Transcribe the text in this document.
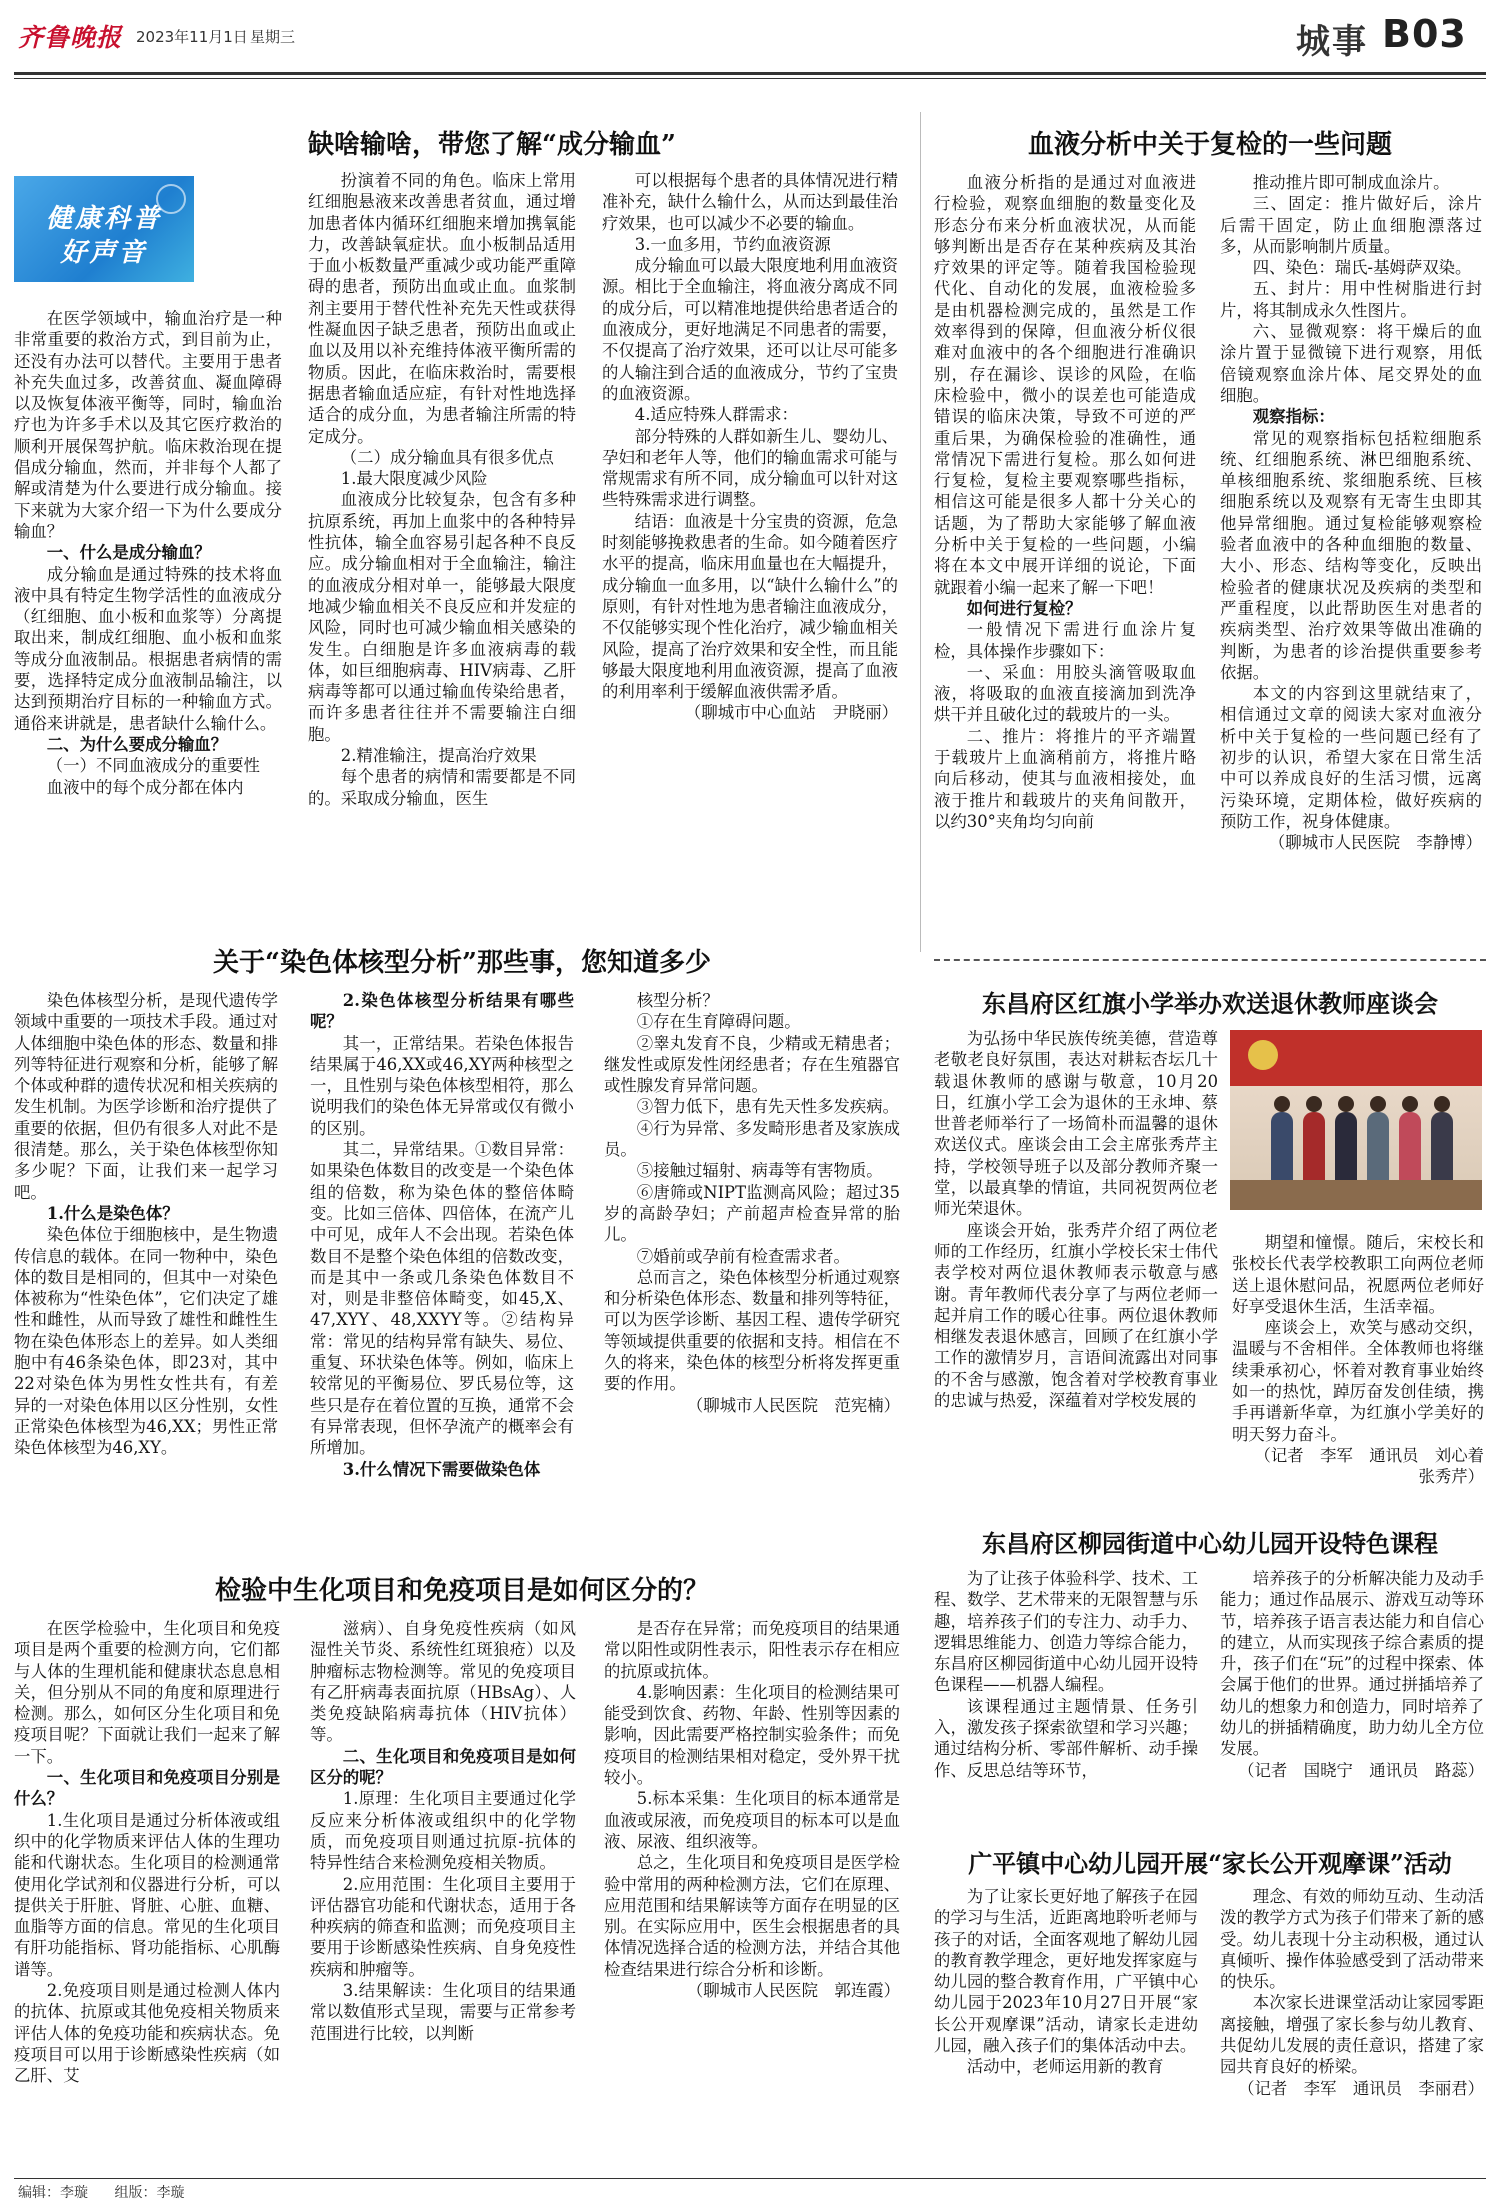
齐鲁晚报 2023年11月1日 星期三	城事 B03
缺啥输啥，带您了解“成分输血”
健康科普
好声音

在医学领域中，输血治疗是一种非常重要的救治方式，到目前为止，还没有办法可以替代。主要用于患者补充失血过多，改善贫血、凝血障碍以及恢复体液平衡等，同时，输血治疗也为许多手术以及其它医疗救治的顺利开展保驾护航。临床救治现在提倡成分输血，然而，并非每个人都了解或清楚为什么要进行成分输血。接下来就为大家介绍一下为什么要成分输血？

一、什么是成分输血？

成分输血是通过特殊的技术将血液中具有特定生物学活性的血液成分（红细胞、血小板和血浆等）分离提取出来，制成红细胞、血小板和血浆等成分血液制品。根据患者病情的需要，选择特定成分血液制品输注，以达到预期治疗目标的一种输血方式。通俗来讲就是，患者缺什么输什么。

二、为什么要成分输血？

（一）不同血液成分的重要性

血液中的每个成分都在体内

扮演着不同的角色。临床上常用红细胞悬液来改善患者贫血，通过增加患者体内循环红细胞来增加携氧能力，改善缺氧症状。血小板制品适用于血小板数量严重减少或功能严重障碍的患者，预防出血或止血。血浆制剂主要用于替代性补充先天性或获得性凝血因子缺乏患者，预防出血或止血以及用以补充维持体液平衡所需的物质。因此，在临床救治时，需要根据患者输血适应症，有针对性地选择适合的成分血，为患者输注所需的特定成分。

（二）成分输血具有很多优点

1.最大限度减少风险

血液成分比较复杂，包含有多种抗原系统，再加上血浆中的各种特异性抗体，输全血容易引起各种不良反应。成分输血相对于全血输注，输注的血液成分相对单一，能够最大限度地减少输血相关不良反应和并发症的风险，同时也可减少输血相关感染的发生。白细胞是许多血液病毒的载体，如巨细胞病毒、HIV病毒、乙肝病毒等都可以通过输血传染给患者，而许多患者往往并不需要输注白细胞。

2.精准输注，提高治疗效果

每个患者的病情和需要都是不同的。采取成分输血，医生

可以根据每个患者的具体情况进行精准补充，缺什么输什么，从而达到最佳治疗效果，也可以减少不必要的输血。

3.一血多用，节约血液资源

成分输血可以最大限度地利用血液资源。相比于全血输注，将血液分离成不同的成分后，可以精准地提供给患者适合的血液成分，更好地满足不同患者的需要，不仅提高了治疗效果，还可以让尽可能多的人输注到合适的血液成分，节约了宝贵的血液资源。

4.适应特殊人群需求：

部分特殊的人群如新生儿、婴幼儿、孕妇和老年人等，他们的输血需求可能与常规需求有所不同，成分输血可以针对这些特殊需求进行调整。

结语：血液是十分宝贵的资源，危急时刻能够挽救患者的生命。如今随着医疗水平的提高，临床用血量也在大幅提升，成分输血一血多用，以“缺什么输什么”的原则，有针对性地为患者输注血液成分，不仅能够实现个性化治疗，减少输血相关风险，提高了治疗效果和安全性，而且能够最大限度地利用血液资源，提高了血液的利用率利于缓解血液供需矛盾。

（聊城市中心血站　尹晓丽）

血液分析中关于复检的一些问题

血液分析指的是通过对血液进行检验，观察血细胞的数量变化及形态分布来分析血液状况，从而能够判断出是否存在某种疾病及其治疗效果的评定等。随着我国检验现代化、自动化的发展，血液检验多是由机器检测完成的，虽然是工作效率得到的保障，但血液分析仪很难对血液中的各个细胞进行准确识别，存在漏诊、误诊的风险，在临床检验中，微小的误差也可能造成错误的临床决策，导致不可逆的严重后果，为确保检验的准确性，通常情况下需进行复检。那么如何进行复检，复检主要观察哪些指标，相信这可能是很多人都十分关心的话题，为了帮助大家能够了解血液分析中关于复检的一些问题，小编将在本文中展开详细的说论，下面就跟着小编一起来了解一下吧！

如何进行复检？

一般情况下需进行血涂片复检，具体操作步骤如下：

一、采血：用胶头滴管吸取血液，将吸取的血液直接滴加到洗净烘干并且破化过的载玻片的一头。

二、推片：将推片的平齐端置于载玻片上血滴稍前方，将推片略向后移动，使其与血液相接处，血液于推片和载玻片的夹角间散开，以约30°夹角均匀向前

推动推片即可制成血涂片。

三、固定：推片做好后，涂片后需干固定，防止血细胞漂落过多，从而影响制片质量。

四、染色：瑞氏-基姆萨双染。

五、封片：用中性树脂进行封片，将其制成永久性图片。

六、显微观察：将干燥后的血涂片置于显微镜下进行观察，用低倍镜观察血涂片体、尾交界处的血细胞。

观察指标：

常见的观察指标包括粒细胞系统、红细胞系统、淋巴细胞系统、单核细胞系统、浆细胞系统、巨核细胞系统以及观察有无寄生虫即其他异常细胞。通过复检能够观察检验者血液中的各种血细胞的数量、大小、形态、结构等变化，反映出检验者的健康状况及疾病的类型和严重程度，以此帮助医生对患者的疾病类型、治疗效果等做出准确的判断，为患者的诊治提供重要参考依据。

本文的内容到这里就结束了，相信通过文章的阅读大家对血液分析中关于复检的一些问题已经有了初步的认识，希望大家在日常生活中可以养成良好的生活习惯，远离污染环境，定期体检，做好疾病的预防工作，祝身体健康。

（聊城市人民医院　李静博）

关于“染色体核型分析”那些事，您知道多少

染色体核型分析，是现代遗传学领域中重要的一项技术手段。通过对人体细胞中染色体的形态、数量和排列等特征进行观察和分析，能够了解个体或种群的遗传状况和相关疾病的发生机制。为医学诊断和治疗提供了重要的依据，但仍有很多人对此不是很清楚。那么，关于染色体核型你知多少呢？下面，让我们来一起学习吧。

1.什么是染色体？

染色体位于细胞核中，是生物遗传信息的载体。在同一物种中，染色体的数目是相同的，但其中一对染色体被称为“性染色体”，它们决定了雄性和雌性，从而导致了雄性和雌性生物在染色体形态上的差异。如人类细胞中有46条染色体，即23对，其中22对染色体为男性女性共有，有差异的一对染色体用以区分性别，女性正常染色体核型为46,XX；男性正常染色体核型为46,XY。

2.染色体核型分析结果有哪些呢？

其一，正常结果。若染色体报告结果属于46,XX或46,XY两种核型之一，且性别与染色体核型相符，那么说明我们的染色体无异常或仅有微小的区别。

其二，异常结果。①数目异常：如果染色体数目的改变是一个染色体组的倍数，称为染色体的整倍体畸变。比如三倍体、四倍体，在流产儿中可见，成年人不会出现。若染色体数目不是整个染色体组的倍数改变，而是其中一条或几条染色体数目不对，则是非整倍体畸变，如45,X、47,XYY、48,XXYY等。②结构异常：常见的结构异常有缺失、易位、重复、环状染色体等。例如，临床上较常见的平衡易位、罗氏易位等，这些只是存在着位置的互换，通常不会有异常表现，但怀孕流产的概率会有所增加。

3.什么情况下需要做染色体

核型分析？

①存在生育障碍问题。

②睾丸发育不良，少精或无精患者；继发性或原发性闭经患者；存在生殖器官或性腺发育异常问题。

③智力低下，患有先天性多发疾病。

④行为异常、多发畸形患者及家族成员。

⑤接触过辐射、病毒等有害物质。

⑥唐筛或NIPT监测高风险；超过35岁的高龄孕妇；产前超声检查异常的胎儿。

⑦婚前或孕前有检查需求者。

总而言之，染色体核型分析通过观察和分析染色体形态、数量和排列等特征，可以为医学诊断、基因工程、遗传学研究等领域提供重要的依据和支持。相信在不久的将来，染色体的核型分析将发挥更重要的作用。

（聊城市人民医院　范宪楠）

东昌府区红旗小学举办欢送退休教师座谈会

为弘扬中华民族传统美德，营造尊老敬老良好氛围，表达对耕耘杏坛几十载退休教师的感谢与敬意，10月20日，红旗小学工会为退休的王永坤、蔡世普老师举行了一场简朴而温馨的退休欢送仪式。座谈会由工会主席张秀芹主持，学校领导班子以及部分教师齐聚一堂，以最真挚的情谊，共同祝贺两位老师光荣退休。

座谈会开始，张秀芹介绍了两位老师的工作经历，红旗小学校长宋士伟代表学校对两位退休教师表示敬意与感谢。青年教师代表分享了与两位老师一起并肩工作的暖心往事。两位退休教师相继发表退休感言，回顾了在红旗小学工作的激情岁月，言语间流露出对同事的不舍与感激，饱含着对学校教育事业的忠诚与热爱，深蕴着对学校发展的

期望和憧憬。随后，宋校长和张校长代表学校教职工向两位老师送上退休慰问品，祝愿两位老师好好享受退休生活，生活幸福。

座谈会上，欢笑与感动交织，温暖与不舍相伴。全体教师也将继续秉承初心，怀着对教育事业始终如一的热忱，踔厉奋发创佳绩，携手再谱新华章，为红旗小学美好的明天努力奋斗。

（记者　李军　通讯员　刘心着　张秀芹）

检验中生化项目和免疫项目是如何区分的？

在医学检验中，生化项目和免疫项目是两个重要的检测方向，它们都与人体的生理机能和健康状态息息相关，但分别从不同的角度和原理进行检测。那么，如何区分生化项目和免疫项目呢？下面就让我们一起来了解一下。

一、生化项目和免疫项目分别是什么？

1.生化项目是通过分析体液或组织中的化学物质来评估人体的生理功能和代谢状态。生化项目的检测通常使用化学试剂和仪器进行分析，可以提供关于肝脏、肾脏、心脏、血糖、血脂等方面的信息。常见的生化项目有肝功能指标、肾功能指标、心肌酶谱等。

2.免疫项目则是通过检测人体内的抗体、抗原或其他免疫相关物质来评估人体的免疫功能和疾病状态。免疫项目可以用于诊断感染性疾病（如乙肝、艾

滋病）、自身免疫性疾病（如风湿性关节炎、系统性红斑狼疮）以及肿瘤标志物检测等。常见的免疫项目有乙肝病毒表面抗原（HBsAg）、人类免疫缺陷病毒抗体（HIV抗体）等。

二、生化项目和免疫项目是如何区分的呢？

1.原理：生化项目主要通过化学反应来分析体液或组织中的化学物质，而免疫项目则通过抗原-抗体的特异性结合来检测免疫相关物质。

2.应用范围：生化项目主要用于评估器官功能和代谢状态，适用于各种疾病的筛查和监测；而免疫项目主要用于诊断感染性疾病、自身免疫性疾病和肿瘤等。

3.结果解读：生化项目的结果通常以数值形式呈现，需要与正常参考范围进行比较，以判断

是否存在异常；而免疫项目的结果通常以阳性或阴性表示，阳性表示存在相应的抗原或抗体。

4.影响因素：生化项目的检测结果可能受到饮食、药物、年龄、性别等因素的影响，因此需要严格控制实验条件；而免疫项目的检测结果相对稳定，受外界干扰较小。

5.标本采集：生化项目的标本通常是血液或尿液，而免疫项目的标本可以是血液、尿液、组织液等。

总之，生化项目和免疫项目是医学检验中常用的两种检测方法，它们在原理、应用范围和结果解读等方面存在明显的区别。在实际应用中，医生会根据患者的具体情况选择合适的检测方法，并结合其他检查结果进行综合分析和诊断。

（聊城市人民医院　郭连霞）

东昌府区柳园街道中心幼儿园开设特色课程

为了让孩子体验科学、技术、工程、数学、艺术带来的无限智慧与乐趣，培养孩子们的专注力、动手力、逻辑思维能力、创造力等综合能力，东昌府区柳园街道中心幼儿园开设特色课程——机器人编程。

该课程通过主题情景、任务引入，激发孩子探索欲望和学习兴趣；通过结构分析、零部件解析、动手操作、反思总结等环节，

培养孩子的分析解决能力及动手能力；通过作品展示、游戏互动等环节，培养孩子语言表达能力和自信心的建立，从而实现孩子综合素质的提升，孩子们在“玩”的过程中探索、体会属于他们的世界。通过拼插培养了幼儿的想象力和创造力，同时培养了幼儿的拼插精确度，助力幼儿全方位发展。

（记者　国晓宁　通讯员　路蕊）

广平镇中心幼儿园开展“家长公开观摩课”活动

为了让家长更好地了解孩子在园的学习与生活，近距离地聆听老师与孩子的对话，全面客观地了解幼儿园的教育教学理念，更好地发挥家庭与幼儿园的整合教育作用，广平镇中心幼儿园于2023年10月27日开展“家长公开观摩课”活动，请家长走进幼儿园，融入孩子们的集体活动中去。

活动中，老师运用新的教育

理念、有效的师幼互动、生动活泼的教学方式为孩子们带来了新的感受。幼儿表现十分主动积极，通过认真倾听、操作体验感受到了活动带来的快乐。

本次家长进课堂活动让家园零距离接触，增强了家长参与幼儿教育、共促幼儿发展的责任意识，搭建了家园共育良好的桥梁。

（记者　李军　通讯员　李丽君）

编辑：李璇 组版：李璇
